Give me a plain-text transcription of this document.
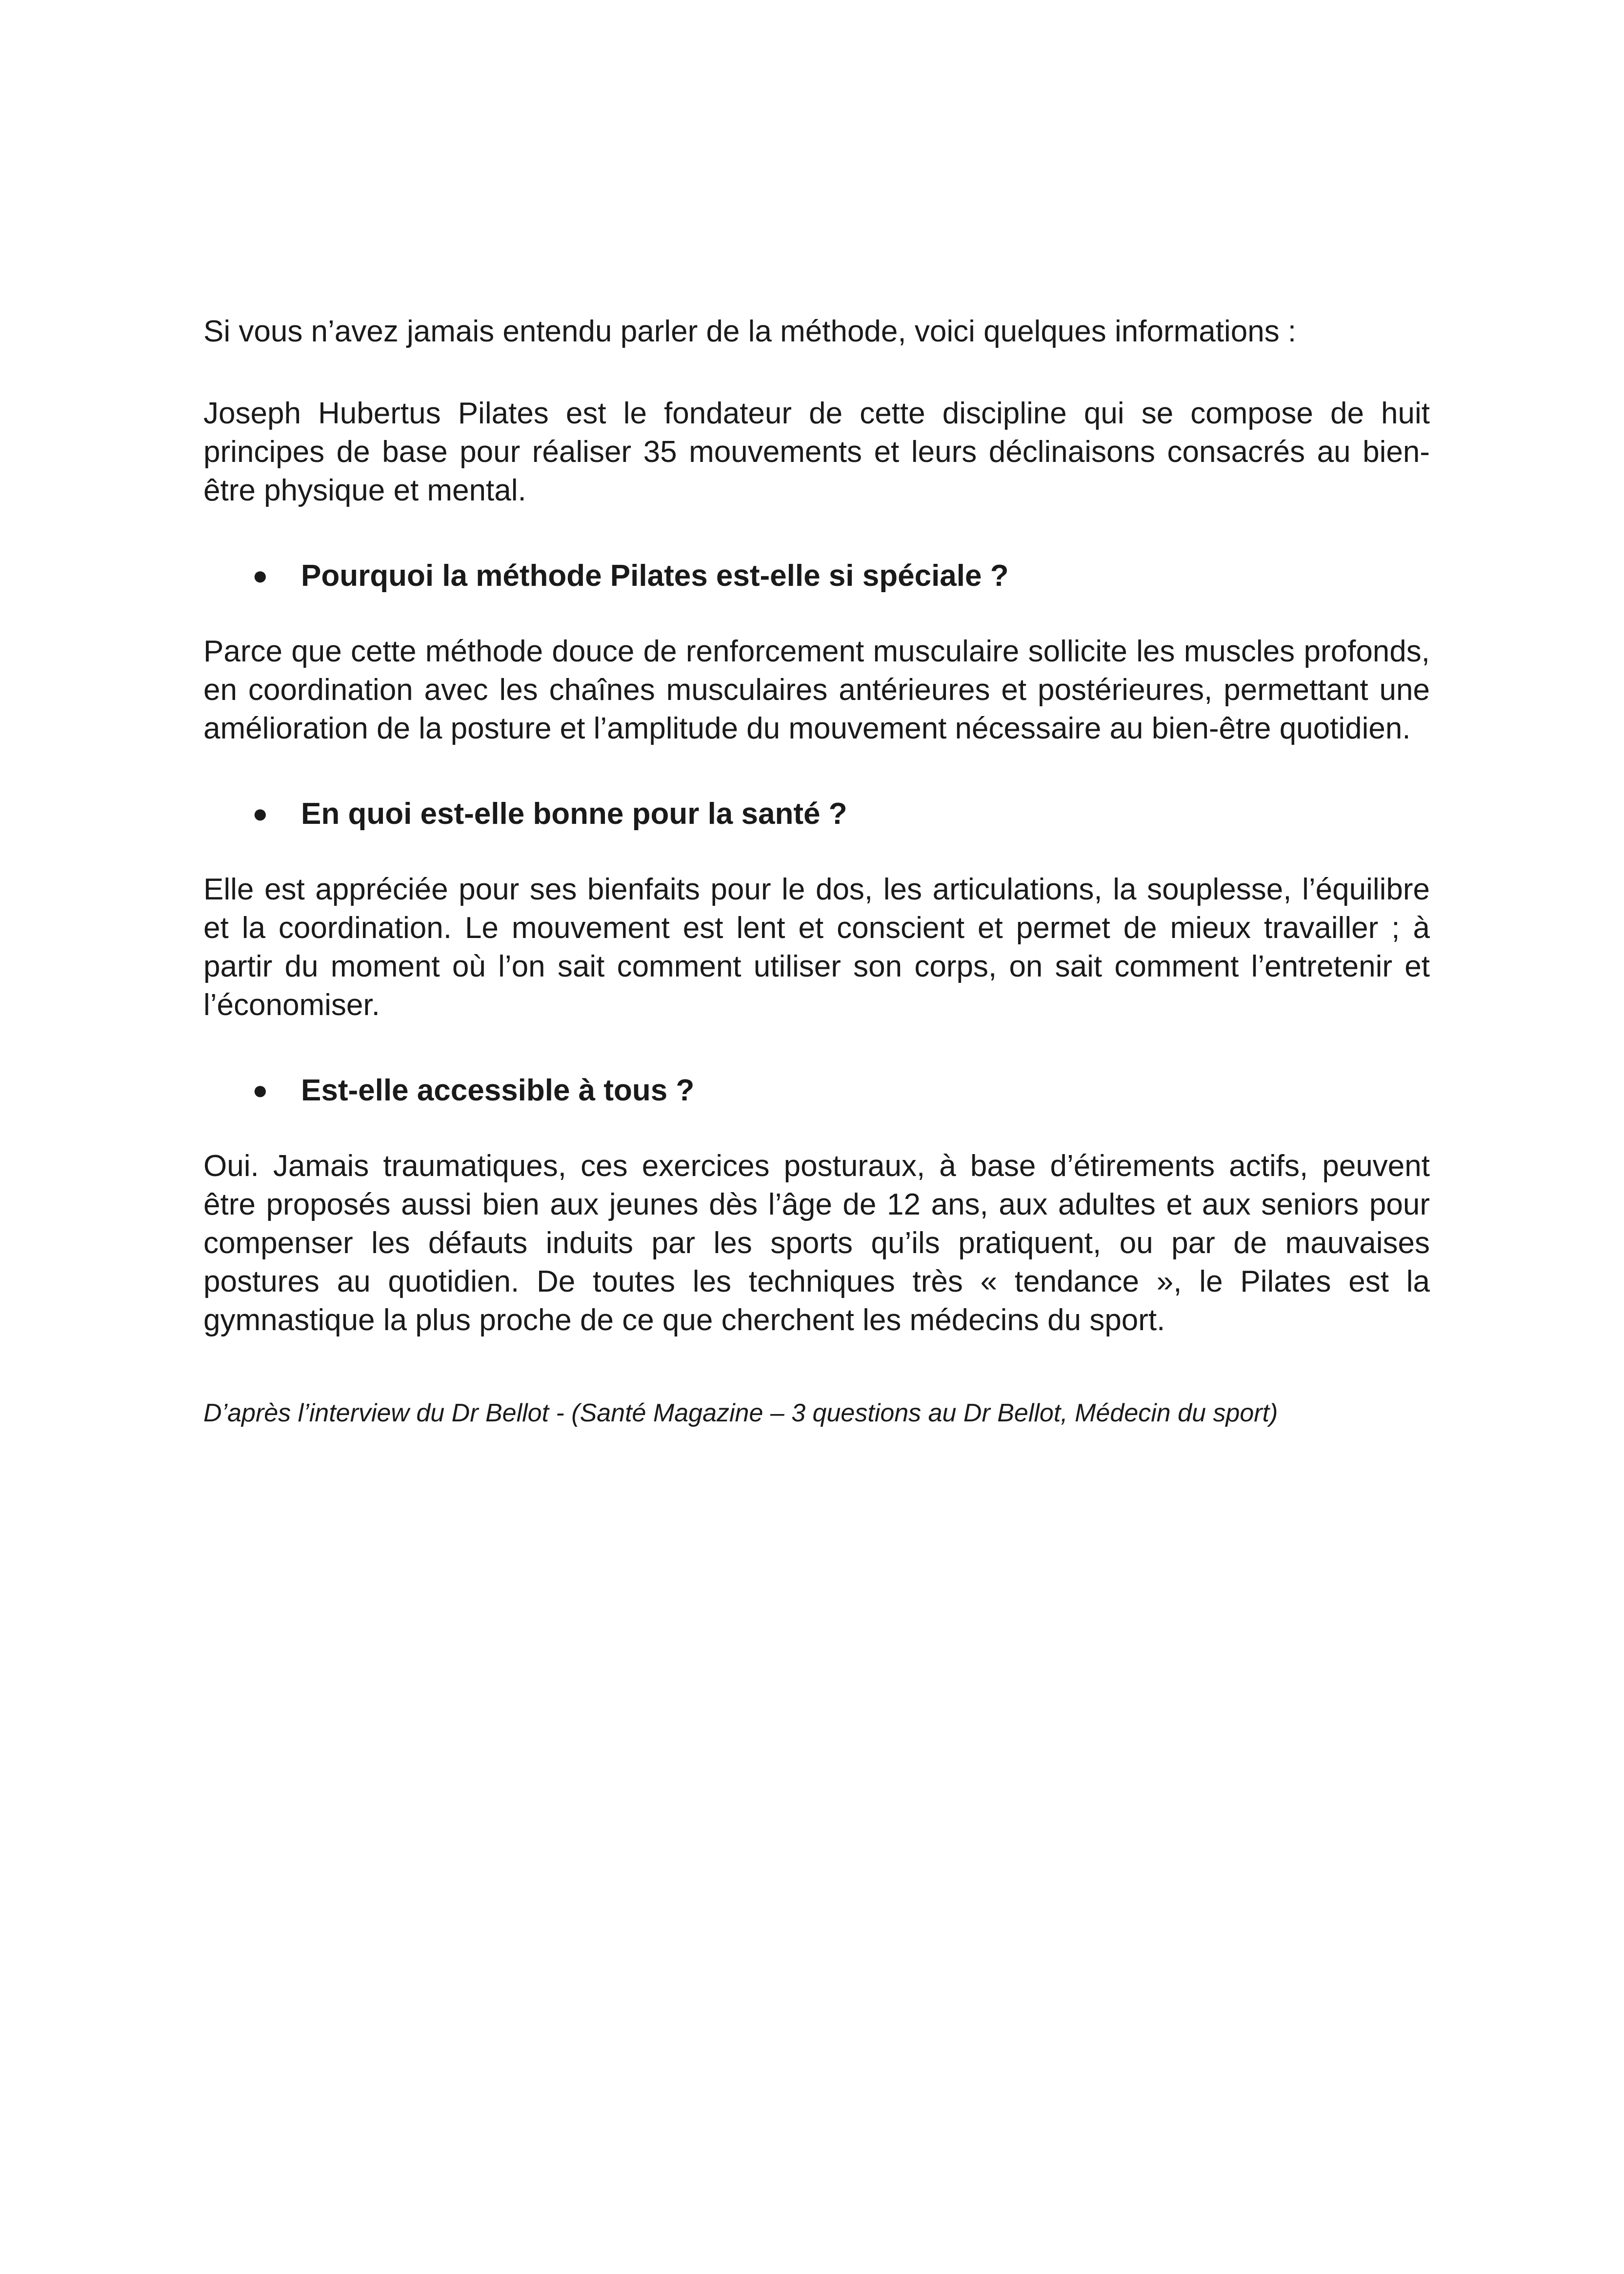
Si vous n’avez jamais entendu parler de la méthode, voici quelques informations :

Joseph Hubertus Pilates est le fondateur de cette discipline qui se compose de huit principes de base pour réaliser 35 mouvements et leurs déclinaisons consacrés au bien-être physique et mental.

● Pourquoi la méthode Pilates est-elle si spéciale ?

Parce que cette méthode douce de renforcement musculaire sollicite les muscles profonds, en coordination avec les chaînes musculaires antérieures et postérieures, permettant une amélioration de la posture et l’amplitude du mouvement nécessaire au bien-être quotidien.

● En quoi est-elle bonne pour la santé ?

Elle est appréciée pour ses bienfaits pour le dos, les articulations, la souplesse, l’équilibre et la coordination. Le mouvement est lent et conscient et permet de mieux travailler ; à partir du moment où l’on sait comment utiliser son corps, on sait comment l’entretenir et l’économiser.

● Est-elle accessible à tous ?

Oui. Jamais traumatiques, ces exercices posturaux, à base d’étirements actifs, peuvent être proposés aussi bien aux jeunes dès l’âge de 12 ans, aux adultes et aux seniors pour compenser les défauts induits par les sports qu’ils pratiquent, ou par de mauvaises postures au quotidien. De toutes les techniques très « tendance », le Pilates est la gymnastique la plus proche de ce que cherchent les médecins du sport.

D’après l’interview du Dr Bellot - (Santé Magazine – 3 questions au Dr Bellot, Médecin du sport)
